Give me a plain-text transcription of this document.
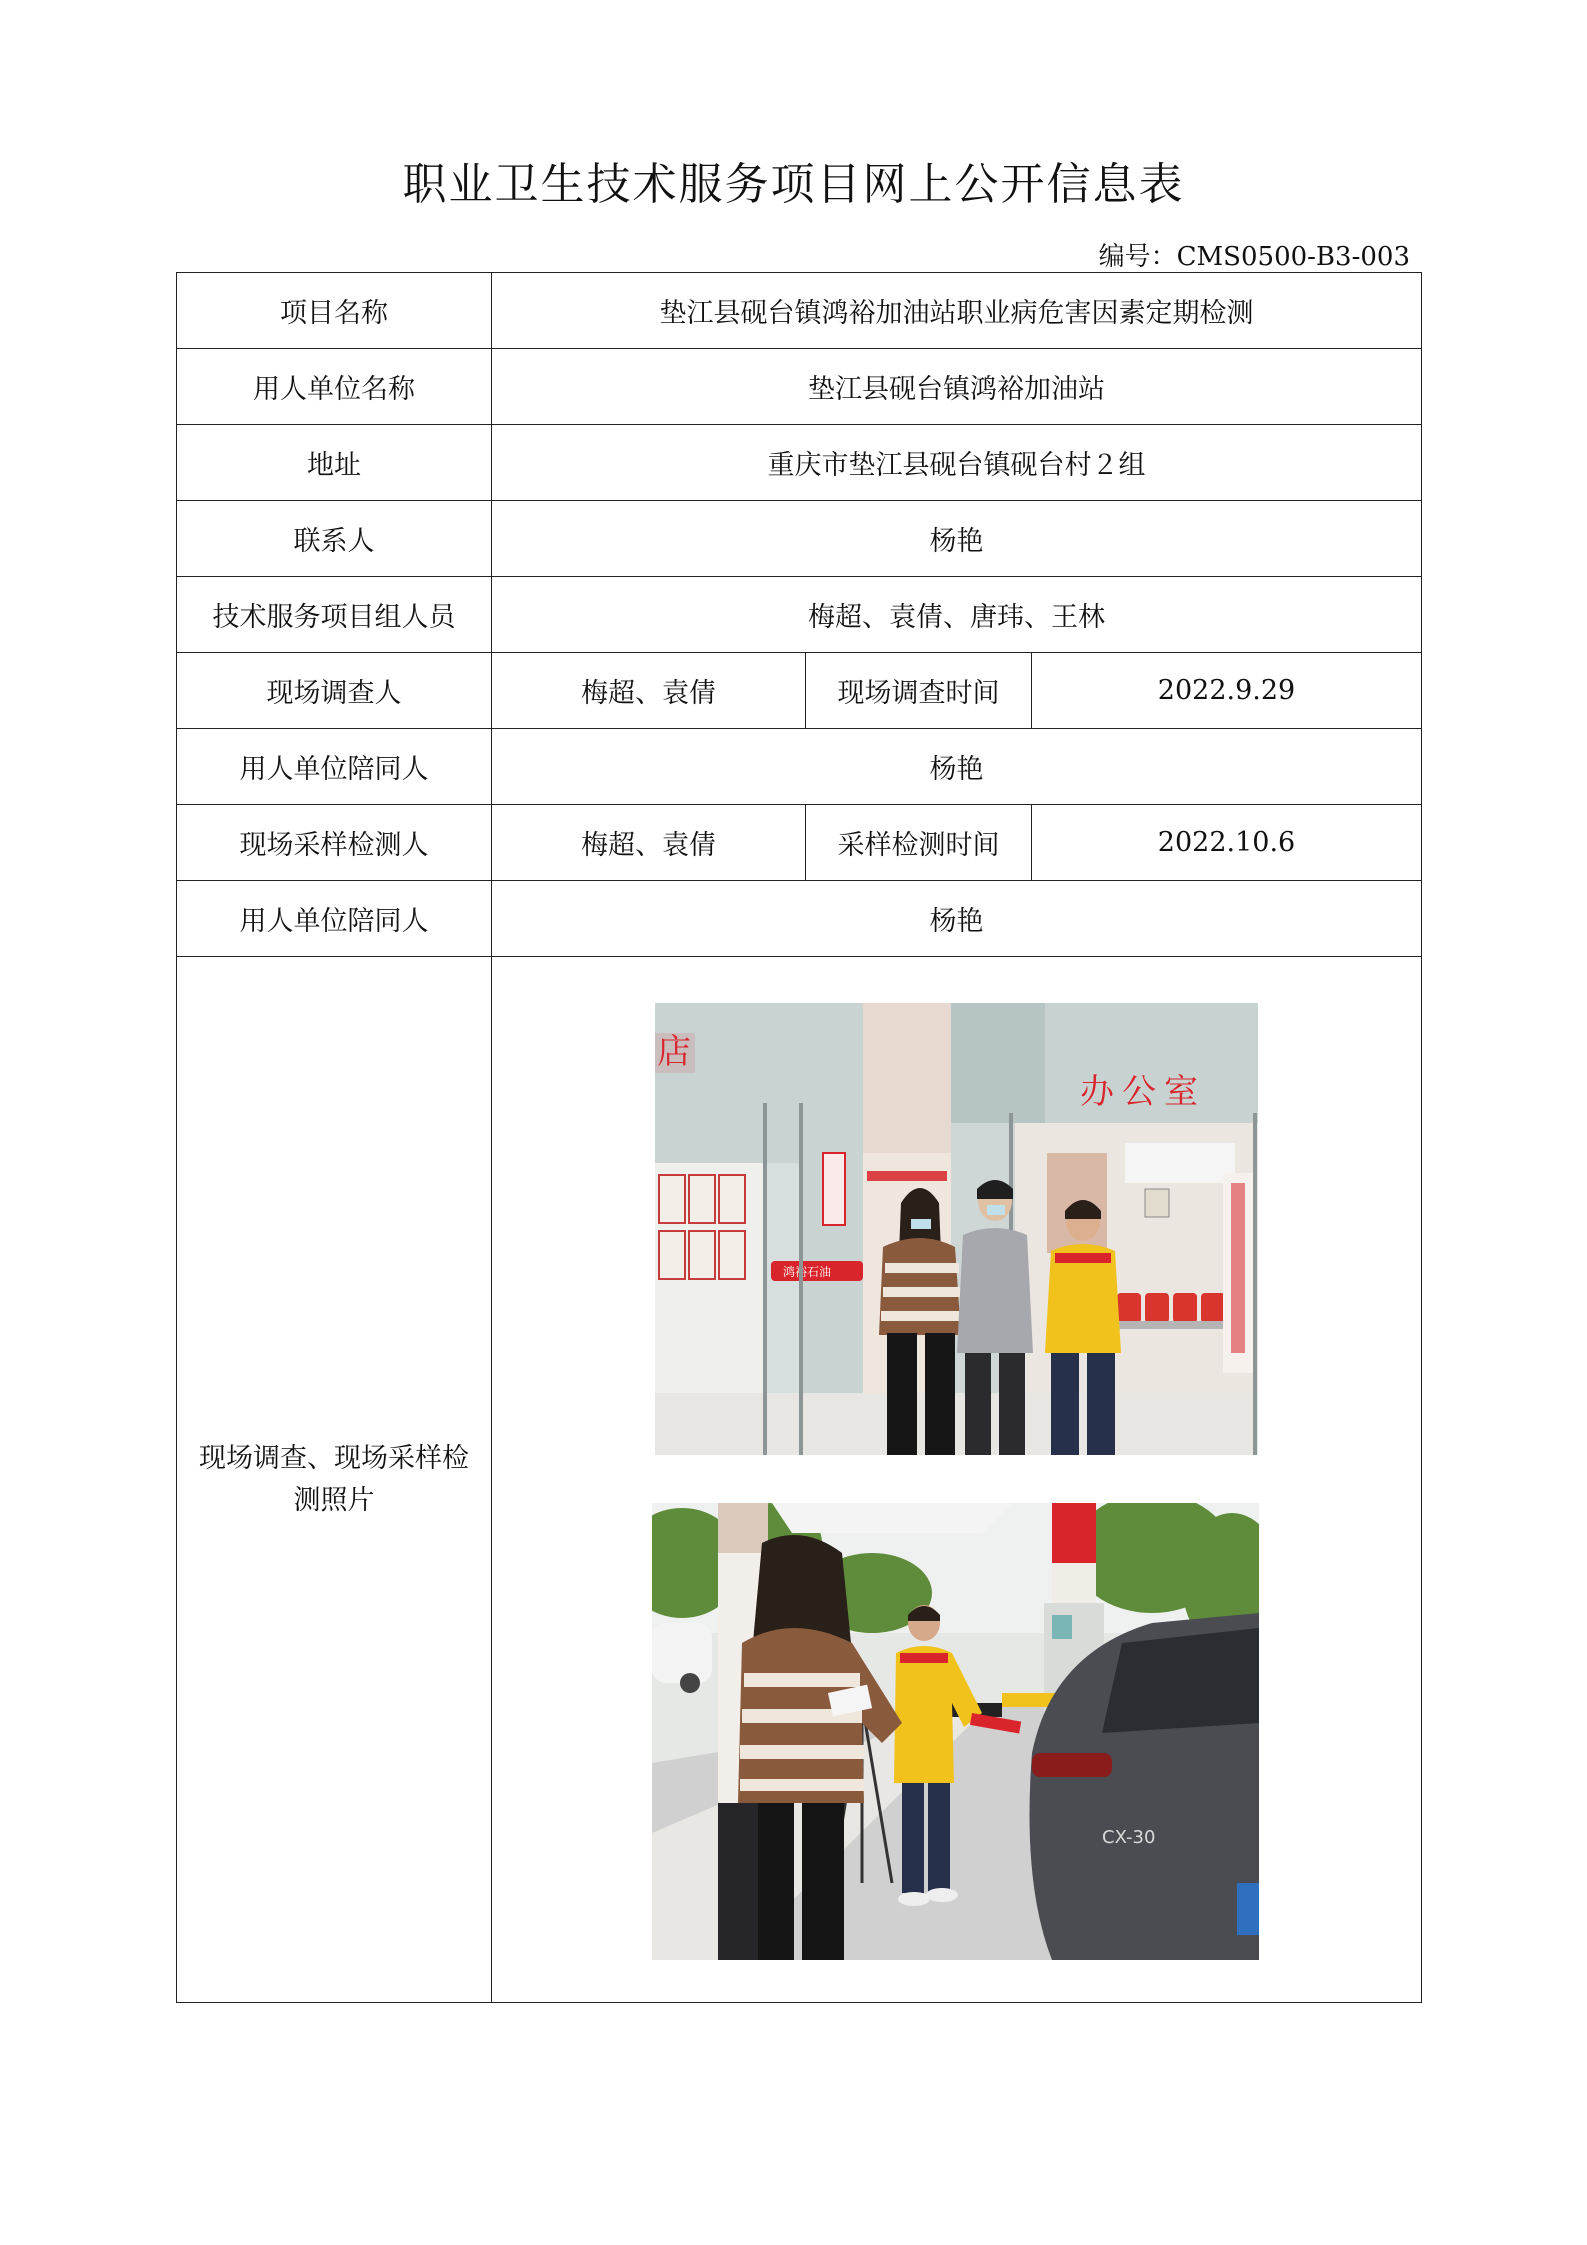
职业卫生技术服务项目网上公开信息表
编号：CMS0500-B3-003
项目名称	垫江县砚台镇鸿裕加油站职业病危害因素定期检测		
用人单位名称	垫江县砚台镇鸿裕加油站		
地址	重庆市垫江县砚台镇砚台村２组		
联系人	杨艳		
技术服务项目组人员	梅超、袁倩、唐玮、王林		
现场调查人	梅超、袁倩	现场调查时间	2022.9.29
用人单位陪同人	杨艳		
现场采样检测人	梅超、袁倩	采样检测时间	2022.10.6
用人单位陪同人	杨艳		
现场调查、现场采样检测照片	店
鸿裕石油
办公室
CX-30		
